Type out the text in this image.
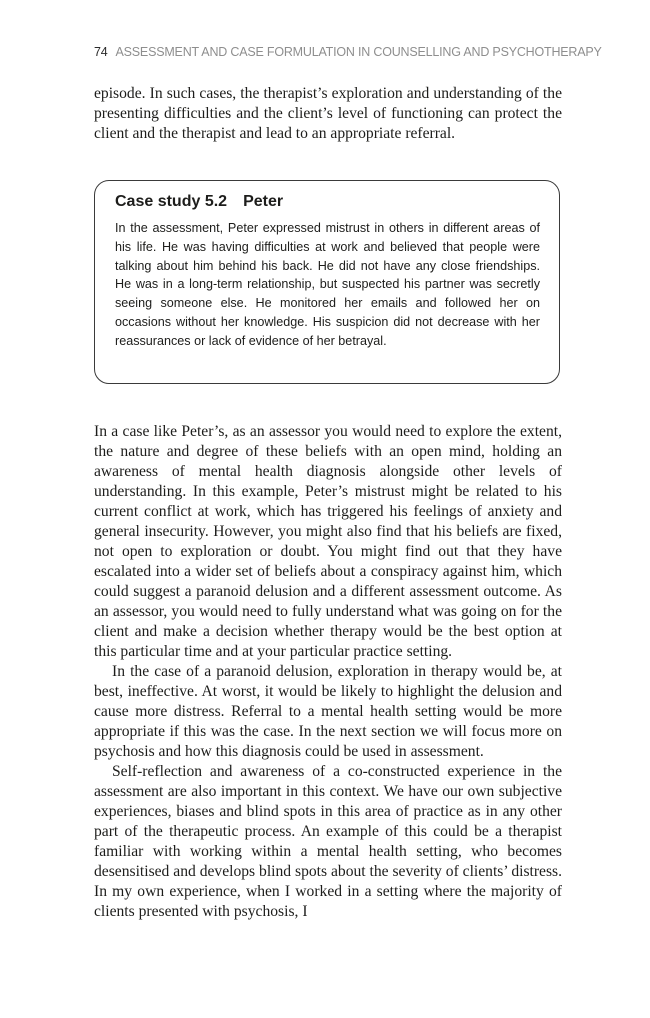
74 ASSESSMENT AND CASE FORMULATION IN COUNSELLING AND PSYCHOTHERAPY

episode. In such cases, the therapist’s exploration and understanding of the presenting difficulties and the client’s level of functioning can protect the client and the therapist and lead to an appropriate referral.

Case study 5.2 Peter

In the assessment, Peter expressed mistrust in others in different areas of his life. He was having difficulties at work and believed that people were talking about him behind his back. He did not have any close friendships. He was in a long-term relationship, but suspected his partner was secretly seeing someone else. He monitored her emails and followed her on occasions without her knowledge. His suspicion did not decrease with her reassurances or lack of evidence of her betrayal.

In a case like Peter’s, as an assessor you would need to explore the extent, the nature and degree of these beliefs with an open mind, holding an awareness of mental health diagnosis alongside other levels of understanding. In this example, Peter’s mistrust might be related to his current conflict at work, which has triggered his feelings of anxiety and general insecurity. However, you might also find that his beliefs are fixed, not open to exploration or doubt. You might find out that they have escalated into a wider set of beliefs about a conspiracy against him, which could suggest a paranoid delusion and a different assessment outcome. As an assessor, you would need to fully understand what was going on for the client and make a decision whether therapy would be the best option at this particular time and at your particular practice setting.

In the case of a paranoid delusion, exploration in therapy would be, at best, ineffective. At worst, it would be likely to highlight the delusion and cause more distress. Referral to a mental health setting would be more appropriate if this was the case. In the next section we will focus more on psychosis and how this diagnosis could be used in assessment.

Self-reflection and awareness of a co-constructed experience in the assessment are also important in this context. We have our own subjective experiences, biases and blind spots in this area of practice as in any other part of the therapeutic process. An example of this could be a therapist familiar with working within a mental health setting, who becomes desensitised and develops blind spots about the severity of clients’ distress. In my own experience, when I worked in a setting where the majority of clients presented with psychosis, I
